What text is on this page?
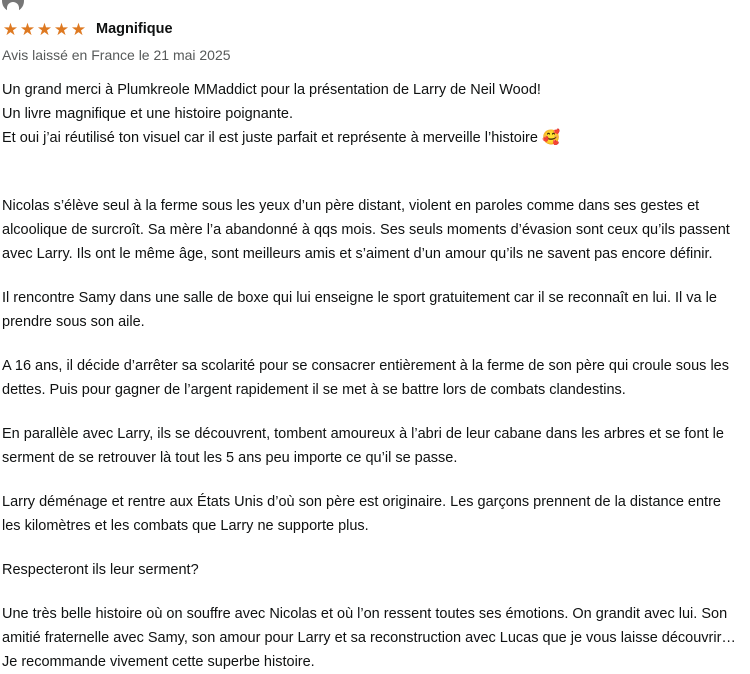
★ ★ ★ ★ ★ Magnifique
Avis laissé en France le 21 mai 2025

Un grand merci à Plumkreole MMaddict pour la présentation de Larry de Neil Wood!
Un livre magnifique et une histoire poignante.
Et oui j’ai réutilisé ton visuel car il est juste parfait et représente à merveille l’histoire 🥰

Nicolas s’élève seul à la ferme sous les yeux d’un père distant, violent en paroles comme dans ses gestes et alcoolique de surcroît. Sa mère l’a abandonné à qqs mois. Ses seuls moments d’évasion sont ceux qu’ils passent avec Larry. Ils ont le même âge, sont meilleurs amis et s’aiment d’un amour qu’ils ne savent pas encore définir.

Il rencontre Samy dans une salle de boxe qui lui enseigne le sport gratuitement car il se reconnaît en lui. Il va le prendre sous son aile.

A 16 ans, il décide d’arrêter sa scolarité pour se consacrer entièrement à la ferme de son père qui croule sous les dettes. Puis pour gagner de l’argent rapidement il se met à se battre lors de combats clandestins.

En parallèle avec Larry, ils se découvrent, tombent amoureux à l’abri de leur cabane dans les arbres et se font le serment de se retrouver là tout les 5 ans peu importe ce qu’il se passe.

Larry déménage et rentre aux États Unis d’où son père est originaire. Les garçons prennent de la distance entre les kilomètres et les combats que Larry ne supporte plus.

Respecteront ils leur serment?

Une très belle histoire où on souffre avec Nicolas et où l’on ressent toutes ses émotions. On grandit avec lui. Son amitié fraternelle avec Samy, son amour pour Larry et sa reconstruction avec Lucas que je vous laisse découvrir…
Je recommande vivement cette superbe histoire.
